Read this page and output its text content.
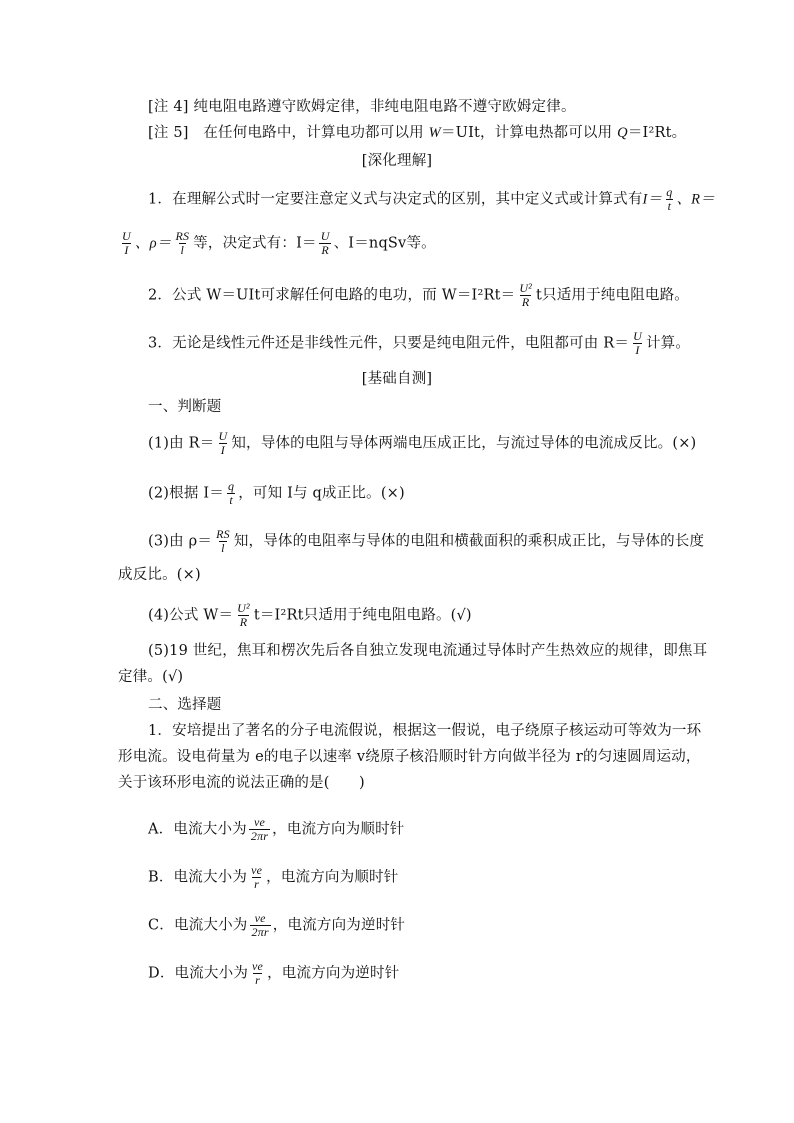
[注 4] 纯电阻电路遵守欧姆定律，非纯电阻电路不遵守欧姆定律。
[注 5]　在任何电路中，计算电功都可以用 W＝UIt，计算电热都可以用 Q＝I²Rt。
[深化理解]
1．在理解公式时一定要注意定义式与决定式的区别，其中定义式或计算式有$I= \frac{q}{t}$ 、R＝
$\frac{U}{I}$ 、$\rho= \frac{RS}{l}$ 等，决定式有：$I= \frac{U}{R}$ 、I＝nqSv等。
2．公式 W＝UIt可求解任何电路的电功，而 $W=I^2Rt= \frac{\text{U²}}{R}$ t只适用于纯电阻电路。
3．无论是线性元件还是非线性元件，只要是纯电阻元件，电阻都可由 $R= \frac{U}{I}$ 计算。
[基础自测]
一、判断题
(1)由 $R= \frac{U}{I}$ 知，导体的电阻与导体两端电压成正比，与流过导体的电流成反比。(×)
(2)根据 $I= \frac{q}{t}$ ，可知 I与 q成正比。(×)
(3)由 $\rho= \frac{RS}{l}$ 知，导体的电阻率与导体的电阻和横截面积的乘积成正比，与导体的长度
成反比。(×)
(4)公式 $W= \frac{\text{U²}}{R} t=I^2Rt$只适用于纯电阻电路。(√)
(5)19 世纪，焦耳和楞次先后各自独立发现电流通过导体时产生热效应的规律，即焦耳
定律。(√)
二、选择题
1．安培提出了著名的分子电流假说，根据这一假说，电子绕原子核运动可等效为一环
形电流。设电荷量为 e的电子以速率 v绕原子核沿顺时针方向做半径为 r的匀速圆周运动，
关于该环形电流的说法正确的是(　　)
A．电流大小为 $\frac{ve}{2\pi r}$ ，电流方向为顺时针
B．电流大小为 $\frac{ve}{r}$ ，电流方向为顺时针
C．电流大小为 $\frac{ve}{2\pi r}$ ，电流方向为逆时针
D．电流大小为 $\frac{ve}{r}$ ，电流方向为逆时针
